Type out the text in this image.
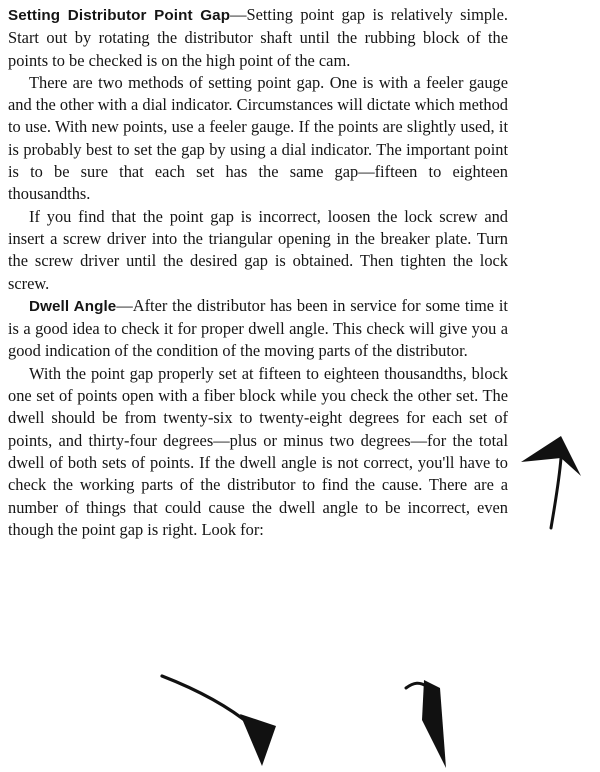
Setting Distributor Point Gap—Setting point gap is relatively simple. Start out by rotating the distributor shaft until the rubbing block of the points to be checked is on the high point of the cam.

There are two methods of setting point gap. One is with a feeler gauge and the other with a dial indicator. Circumstances will dictate which method to use. With new points, use a feeler gauge. If the points are slightly used, it is probably best to set the gap by using a dial indicator. The important point is to be sure that each set has the same gap—fifteen to eighteen thousandths.

If you find that the point gap is incorrect, loosen the lock screw and insert a screw driver into the triangular opening in the breaker plate. Turn the screw driver until the desired gap is obtained. Then tighten the lock screw.

Dwell Angle—After the distributor has been in service for some time it is a good idea to check it for proper dwell angle. This check will give you a good indication of the condition of the moving parts of the distributor.

With the point gap properly set at fifteen to eighteen thousandths, block one set of points open with a fiber block while you check the other set. The dwell should be from twenty-six to twenty-eight degrees for each set of points, and thirty-four degrees—plus or minus two degrees—for the total dwell of both sets of points. If the dwell angle is not correct, you'll have to check the working parts of the distributor to find the cause. There are a number of things that could cause the dwell angle to be incorrect, even though the point gap is right. Look for:
